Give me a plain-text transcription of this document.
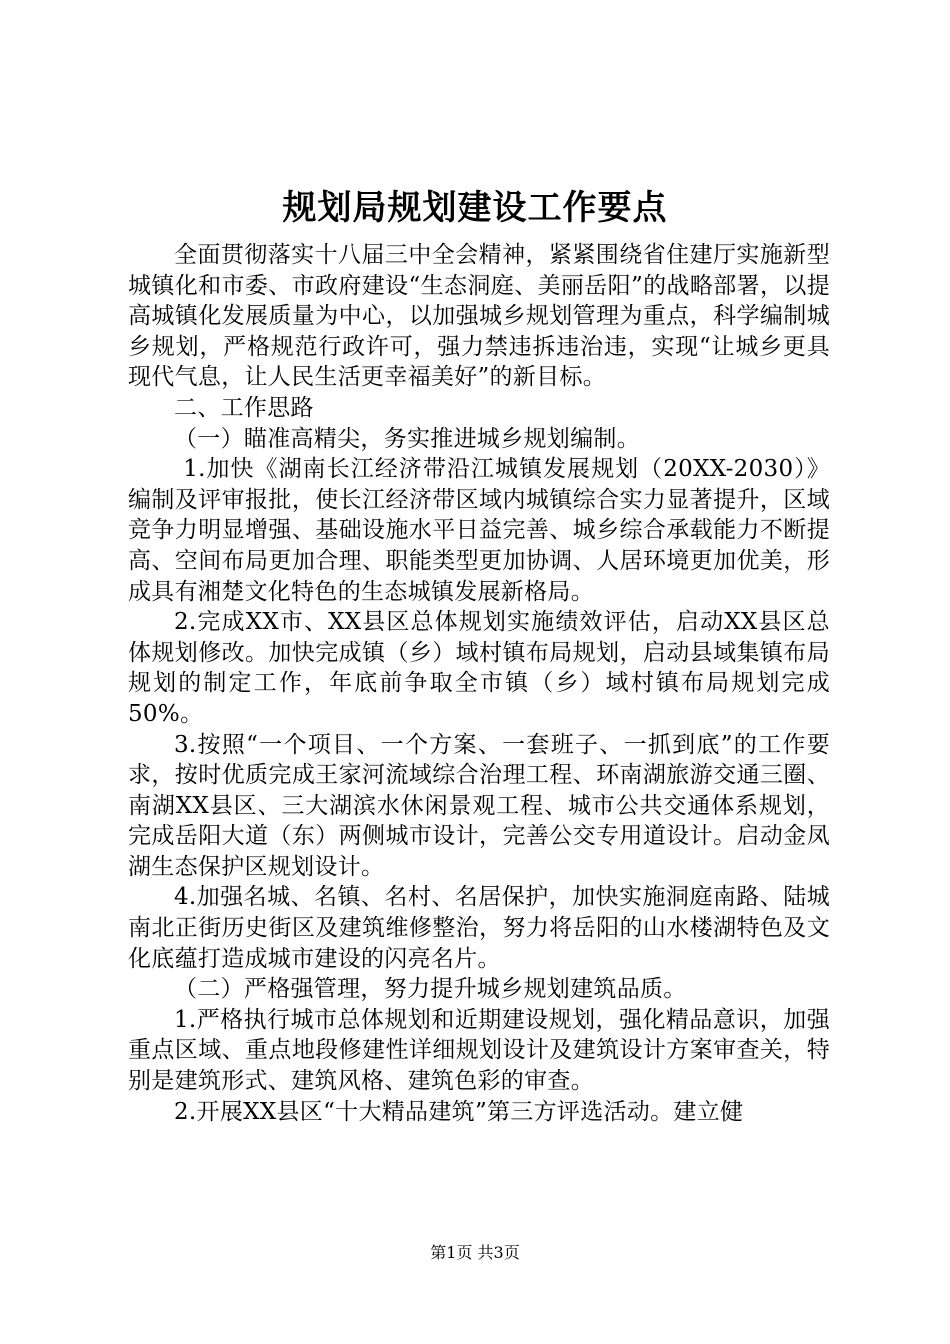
规划局规划建设工作要点

全面贯彻落实十八届三中全会精神，紧紧围绕省住建厅实施新型城镇化和市委、市政府建设“生态洞庭、美丽岳阳”的战略部署，以提高城镇化发展质量为中心，以加强城乡规划管理为重点，科学编制城乡规划，严格规范行政许可，强力禁违拆违治违，实现“让城乡更具现代气息，让人民生活更幸福美好”的新目标。

二、工作思路

（一）瞄准高精尖，务实推进城乡规划编制。

1.加快《湖南长江经济带沿江城镇发展规划（20XX-2030）》编制及评审报批，使长江经济带区域内城镇综合实力显著提升，区域竞争力明显增强、基础设施水平日益完善、城乡综合承载能力不断提高、空间布局更加合理、职能类型更加协调、人居环境更加优美，形成具有湘楚文化特色的生态城镇发展新格局。

2.完成XX市、XX县区总体规划实施绩效评估，启动XX县区总体规划修改。加快完成镇（乡）域村镇布局规划，启动县域集镇布局规划的制定工作，年底前争取全市镇（乡）域村镇布局规划完成50%。

3.按照“一个项目、一个方案、一套班子、一抓到底”的工作要求，按时优质完成王家河流域综合治理工程、环南湖旅游交通三圈、南湖XX县区、三大湖滨水休闲景观工程、城市公共交通体系规划，完成岳阳大道（东）两侧城市设计，完善公交专用道设计。启动金凤湖生态保护区规划设计。

4.加强名城、名镇、名村、名居保护，加快实施洞庭南路、陆城南北正街历史街区及建筑维修整治，努力将岳阳的山水楼湖特色及文化底蕴打造成城市建设的闪亮名片。

（二）严格强管理，努力提升城乡规划建筑品质。

1.严格执行城市总体规划和近期建设规划，强化精品意识，加强重点区域、重点地段修建性详细规划设计及建筑设计方案审查关，特别是建筑形式、建筑风格、建筑色彩的审查。

2.开展XX县区“十大精品建筑”第三方评选活动。建立健

第1页 共3页
